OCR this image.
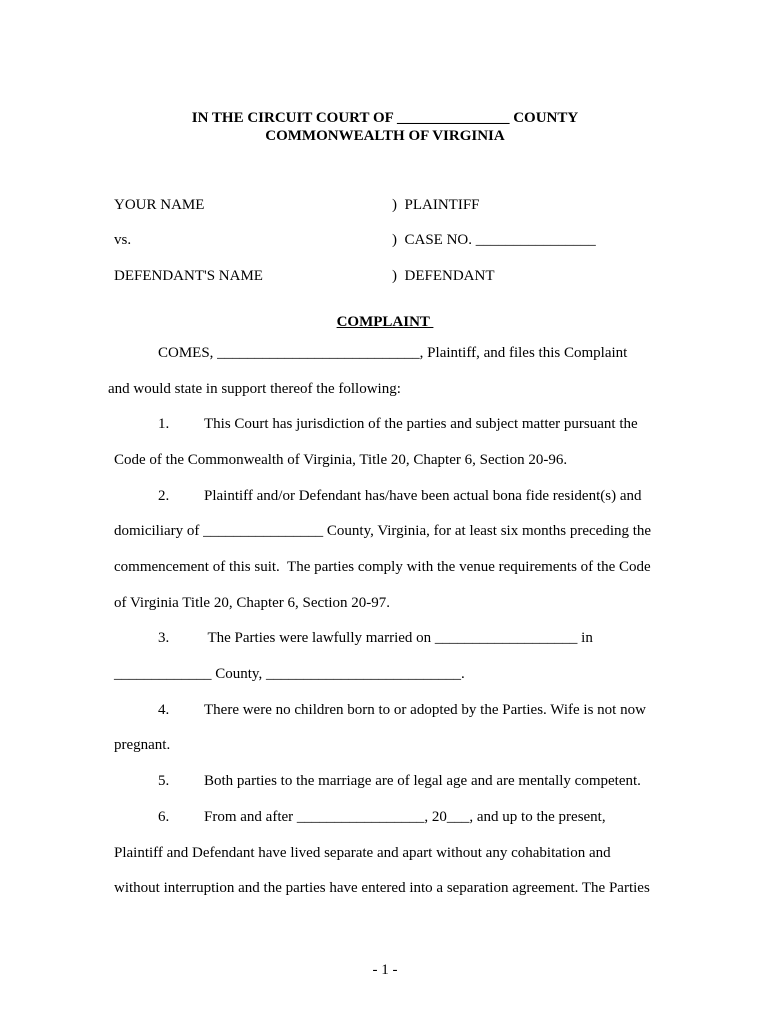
IN THE CIRCUIT COURT OF _______________ COUNTY
COMMONWEALTH OF VIRGINIA
YOUR NAME	)  PLAINTIFF
vs.	)  CASE NO. ________________
DEFENDANT'S NAME	)  DEFENDANT
COMPLAINT
COMES, ___________________________, Plaintiff, and files this Complaint
and would state in support thereof the following:
1. This Court has jurisdiction of the parties and subject matter pursuant the
Code of the Commonwealth of Virginia, Title 20, Chapter 6, Section 20-96.
2. Plaintiff and/or Defendant has/have been actual bona fide resident(s) and
domiciliary of ________________ County, Virginia, for at least six months preceding the
commencement of this suit.  The parties comply with the venue requirements of the Code
of Virginia Title 20, Chapter 6, Section 20-97.
3. The Parties were lawfully married on ___________________ in
_____________ County, __________________________.
4. There were no children born to or adopted by the Parties. Wife is not now
pregnant.
5. Both parties to the marriage are of legal age and are mentally competent.
6. From and after _________________, 20___, and up to the present,
Plaintiff and Defendant have lived separate and apart without any cohabitation and
without interruption and the parties have entered into a separation agreement. The Parties
- 1 -
